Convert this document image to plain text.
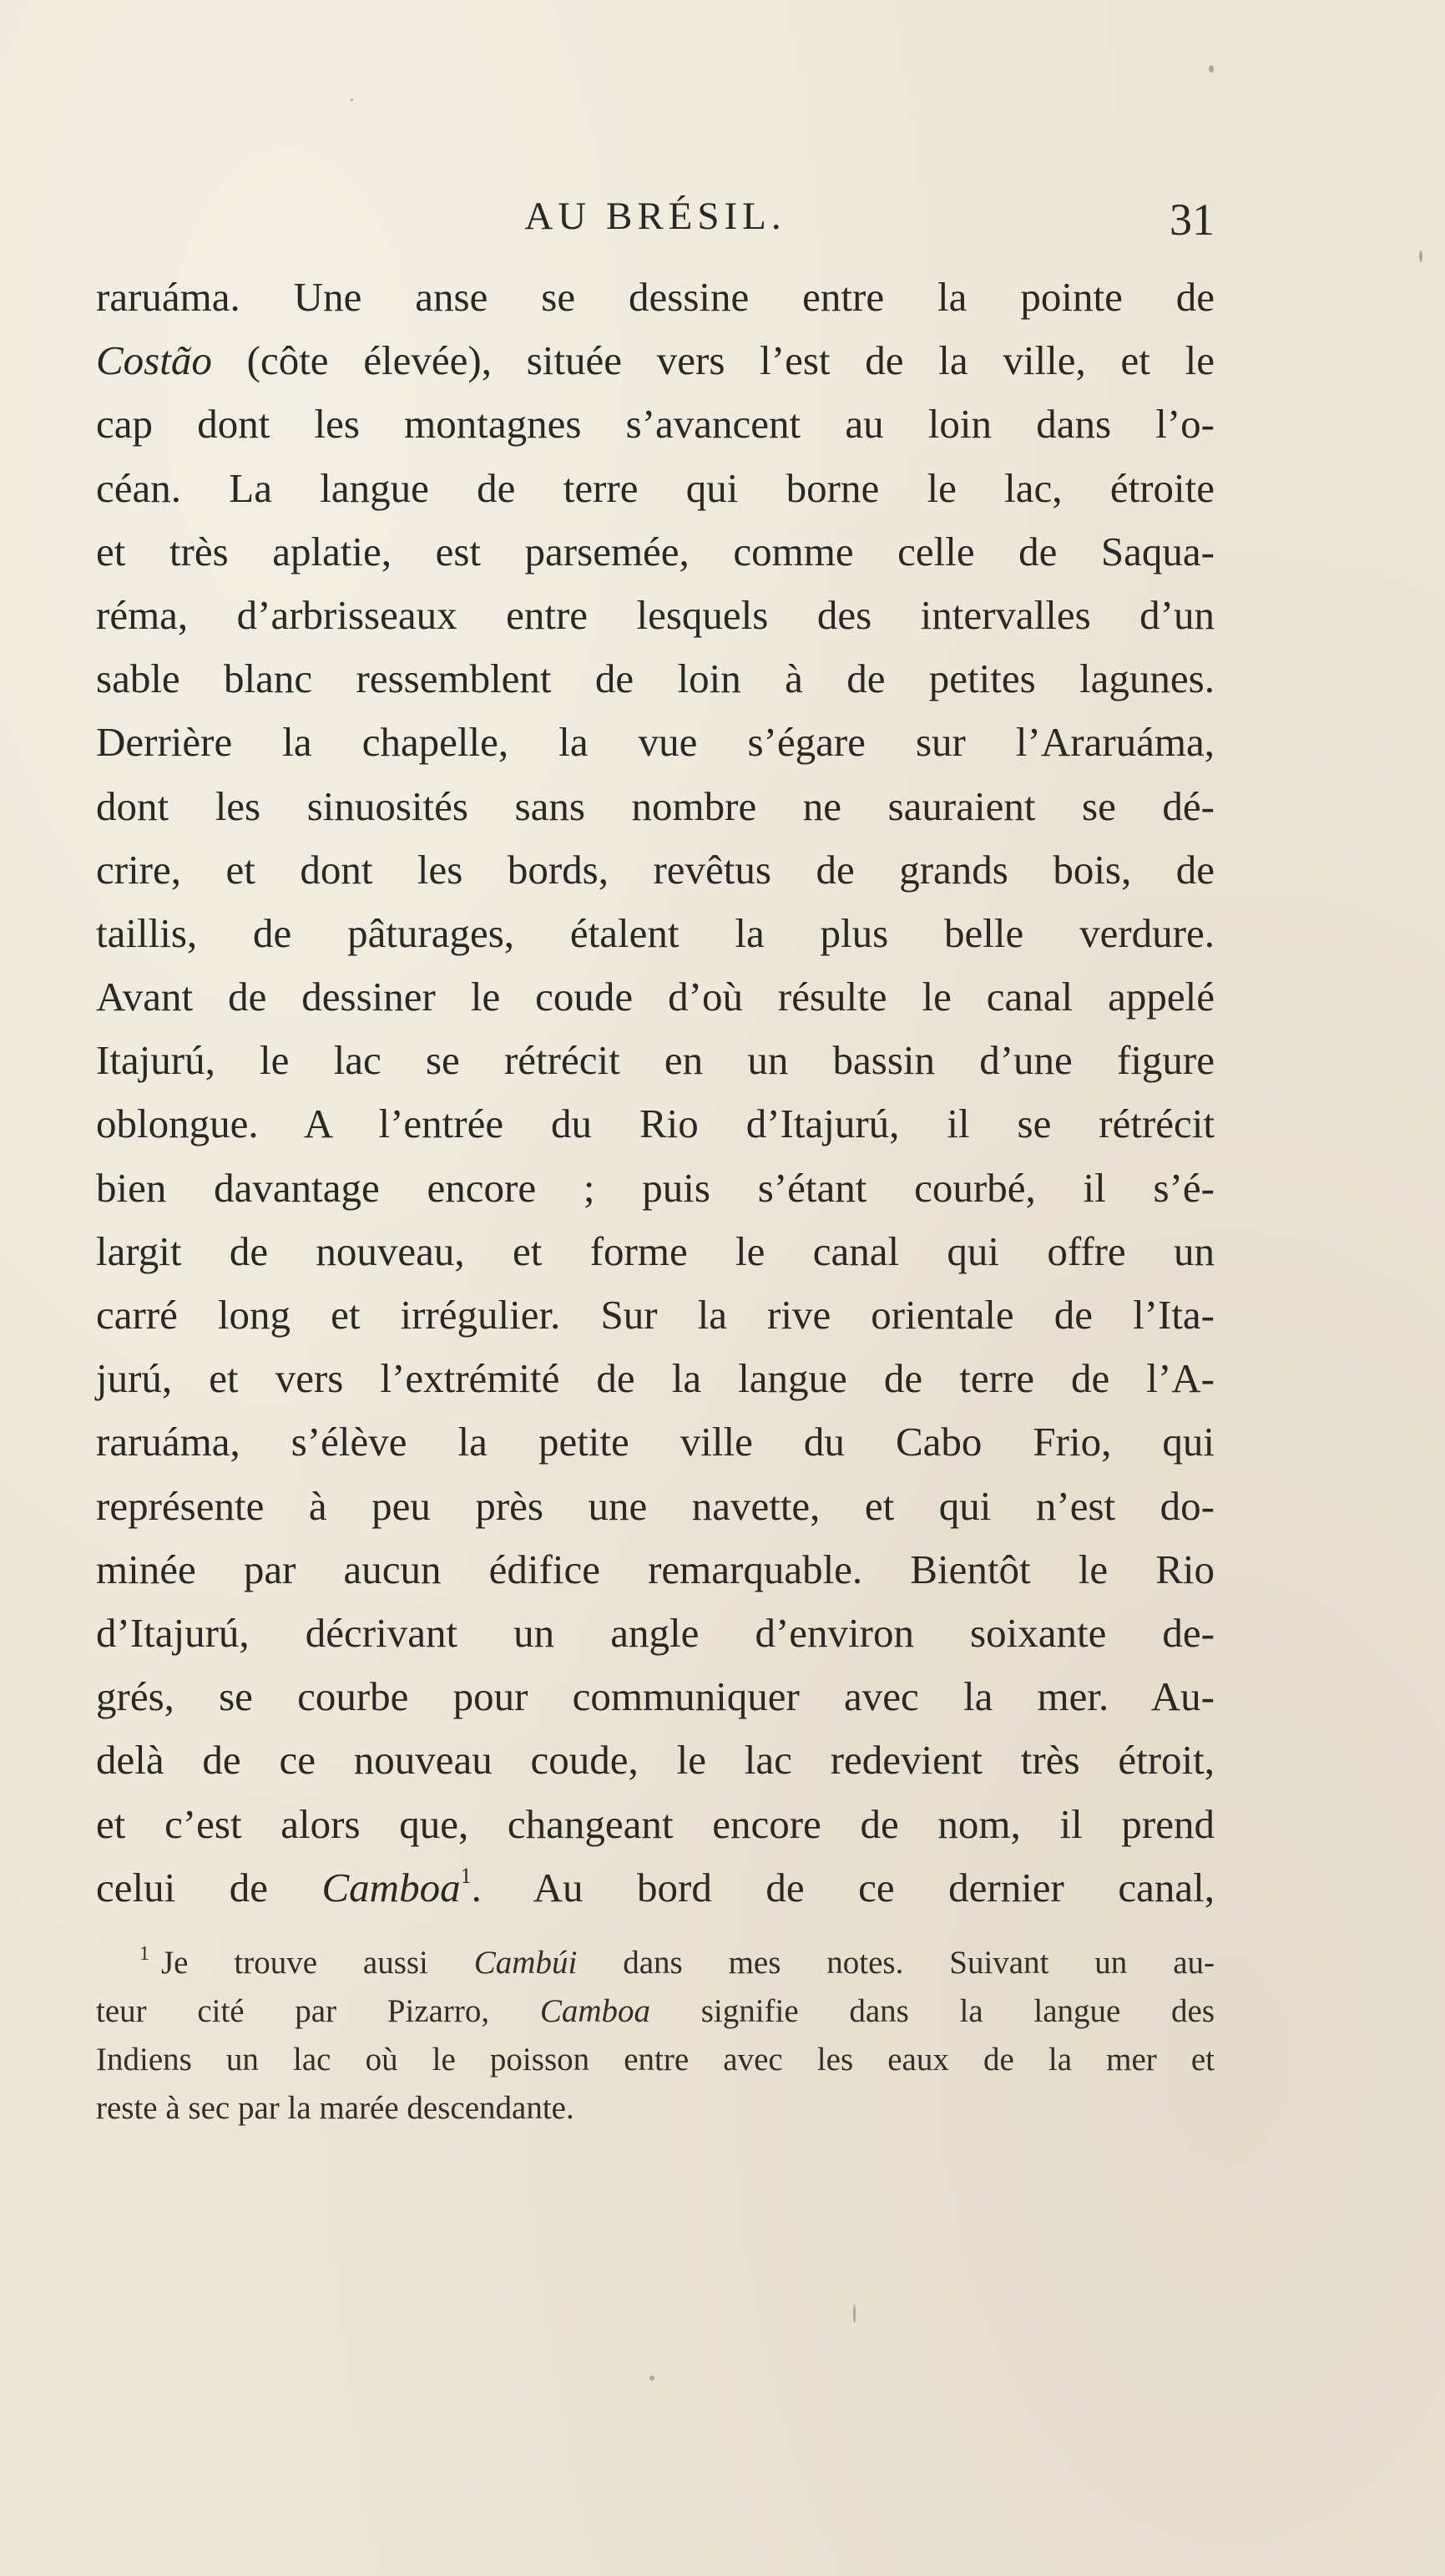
AU BRÉSIL.	31
raruáma. Une anse se dessine entre la pointe de
Costão (côte élevée), située vers l’est de la ville, et le
cap dont les montagnes s’avancent au loin dans l’o-
céan. La langue de terre qui borne le lac, étroite
et très aplatie, est parsemée, comme celle de Saqua-
réma, d’arbrisseaux entre lesquels des intervalles d’un
sable blanc ressemblent de loin à de petites lagunes.
Derrière la chapelle, la vue s’égare sur l’Araruáma,
dont les sinuosités sans nombre ne sauraient se dé-
crire, et dont les bords, revêtus de grands bois, de
taillis, de pâturages, étalent la plus belle verdure.
Avant de dessiner le coude d’où résulte le canal appelé
Itajurú, le lac se rétrécit en un bassin d’une figure
oblongue. A l’entrée du Rio d’Itajurú, il se rétrécit
bien davantage encore ; puis s’étant courbé, il s’é-
largit de nouveau, et forme le canal qui offre un
carré long et irrégulier. Sur la rive orientale de l’Ita-
jurú, et vers l’extrémité de la langue de terre de l’A-
raruáma, s’élève la petite ville du Cabo Frio, qui
représente à peu près une navette, et qui n’est do-
minée par aucun édifice remarquable. Bientôt le Rio
d’Itajurú, décrivant un angle d’environ soixante de-
grés, se courbe pour communiquer avec la mer. Au-
delà de ce nouveau coude, le lac redevient très étroit,
et c’est alors que, changeant encore de nom, il prend
celui de Camboa$^1$. Au bord de ce dernier canal,
$^1$ Je trouve aussi Cambúi dans mes notes. Suivant un au-
teur cité par Pizarro, Camboa signifie dans la langue des
Indiens un lac où le poisson entre avec les eaux de la mer et
reste à sec par la marée descendante.
